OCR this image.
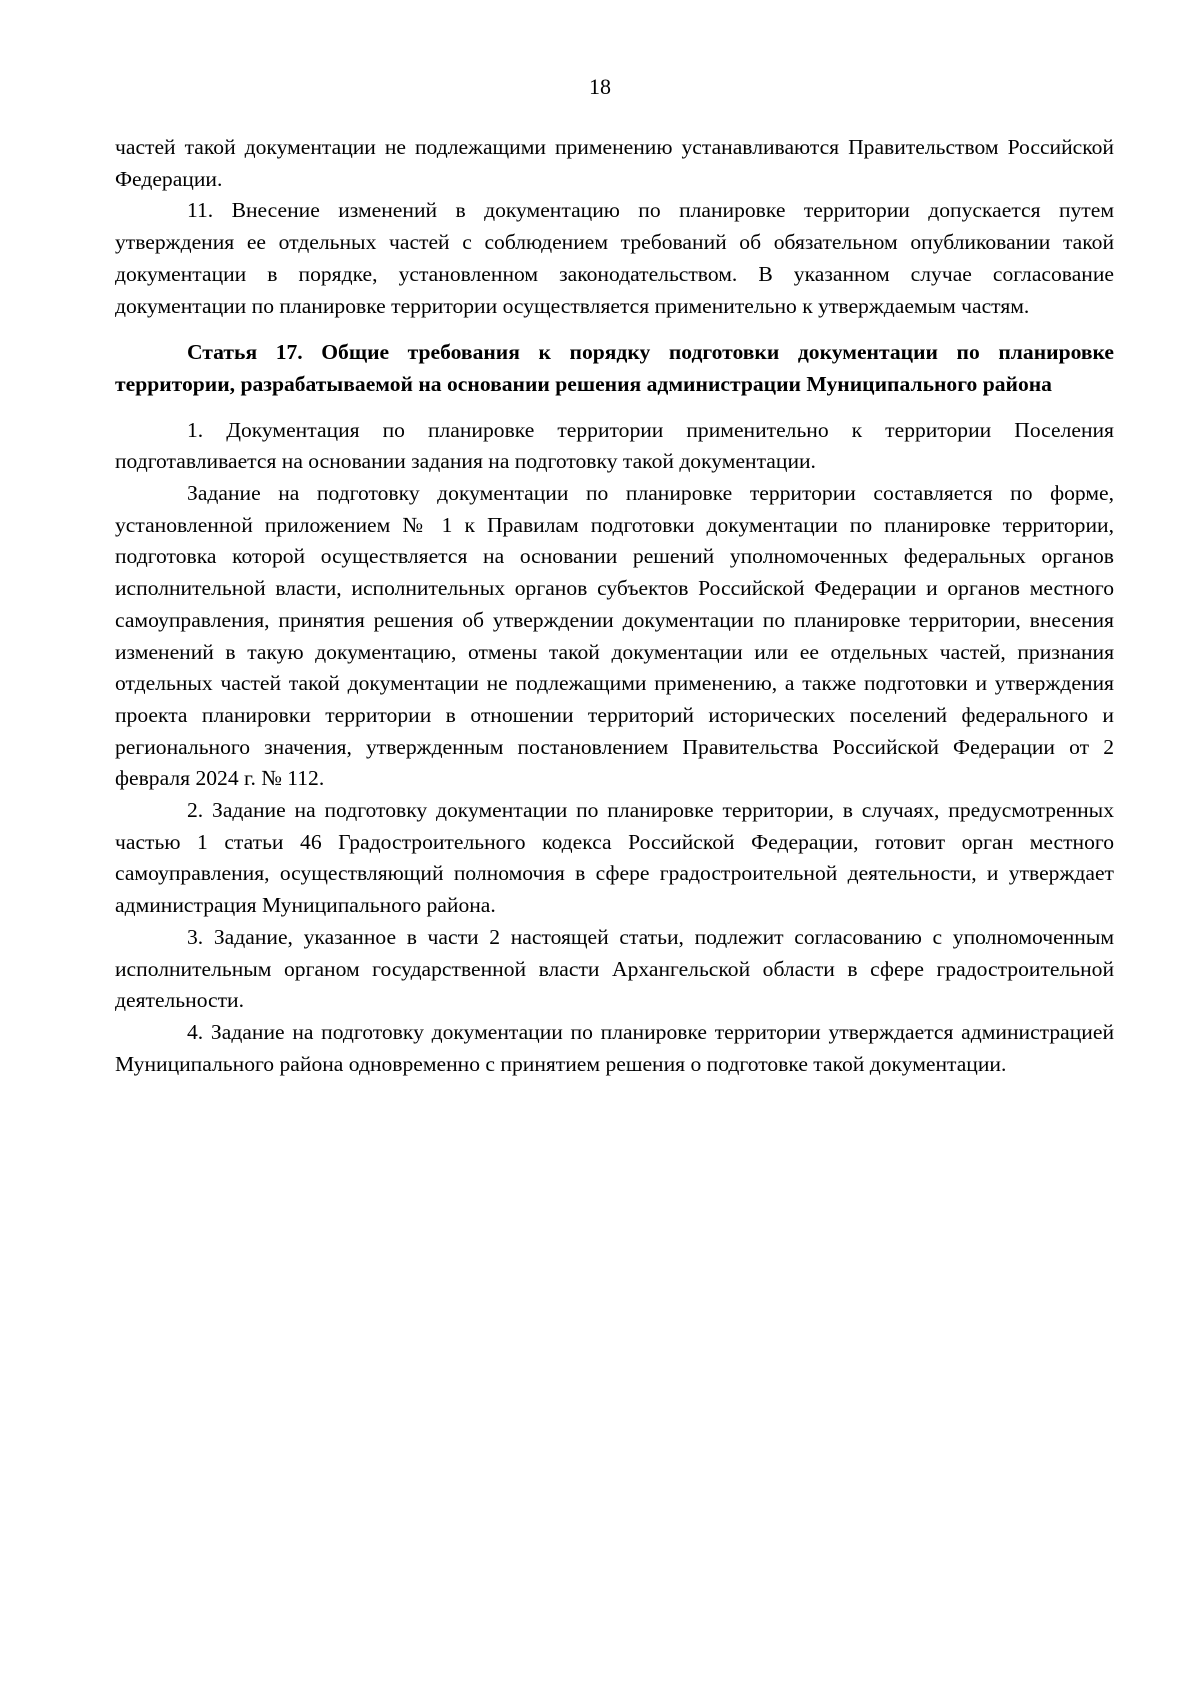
18

частей такой документации не подлежащими применению устанавливаются Правительством Российской Федерации.

11. Внесение изменений в документацию по планировке территории допускается путем утверждения ее отдельных частей с соблюдением требований об обязательном опубликовании такой документации в порядке, установленном законодательством. В указанном случае согласование документации по планировке территории осуществляется применительно к утверждаемым частям.

Статья 17. Общие требования к порядку подготовки документации по планировке территории, разрабатываемой на основании решения администрации Муниципального района

1. Документация по планировке территории применительно к территории Поселения подготавливается на основании задания на подготовку такой документации.

Задание на подготовку документации по планировке территории составляется по форме, установленной приложением № 1 к Правилам подготовки документации по планировке территории, подготовка которой осуществляется на основании решений уполномоченных федеральных органов исполнительной власти, исполнительных органов субъектов Российской Федерации и органов местного самоуправления, принятия решения об утверждении документации по планировке территории, внесения изменений в такую документацию, отмены такой документации или ее отдельных частей, признания отдельных частей такой документации не подлежащими применению, а также подготовки и утверждения проекта планировки территории в отношении территорий исторических поселений федерального и регионального значения, утвержденным постановлением Правительства Российской Федерации от 2 февраля 2024 г. № 112.

2. Задание на подготовку документации по планировке территории, в случаях, предусмотренных частью 1 статьи 46 Градостроительного кодекса Российской Федерации, готовит орган местного самоуправления, осуществляющий полномочия в сфере градостроительной деятельности, и утверждает администрация Муниципального района.

3. Задание, указанное в части 2 настоящей статьи, подлежит согласованию с уполномоченным исполнительным органом государственной власти Архангельской области в сфере градостроительной деятельности.

4. Задание на подготовку документации по планировке территории утверждается администрацией Муниципального района одновременно с принятием решения о подготовке такой документации.
